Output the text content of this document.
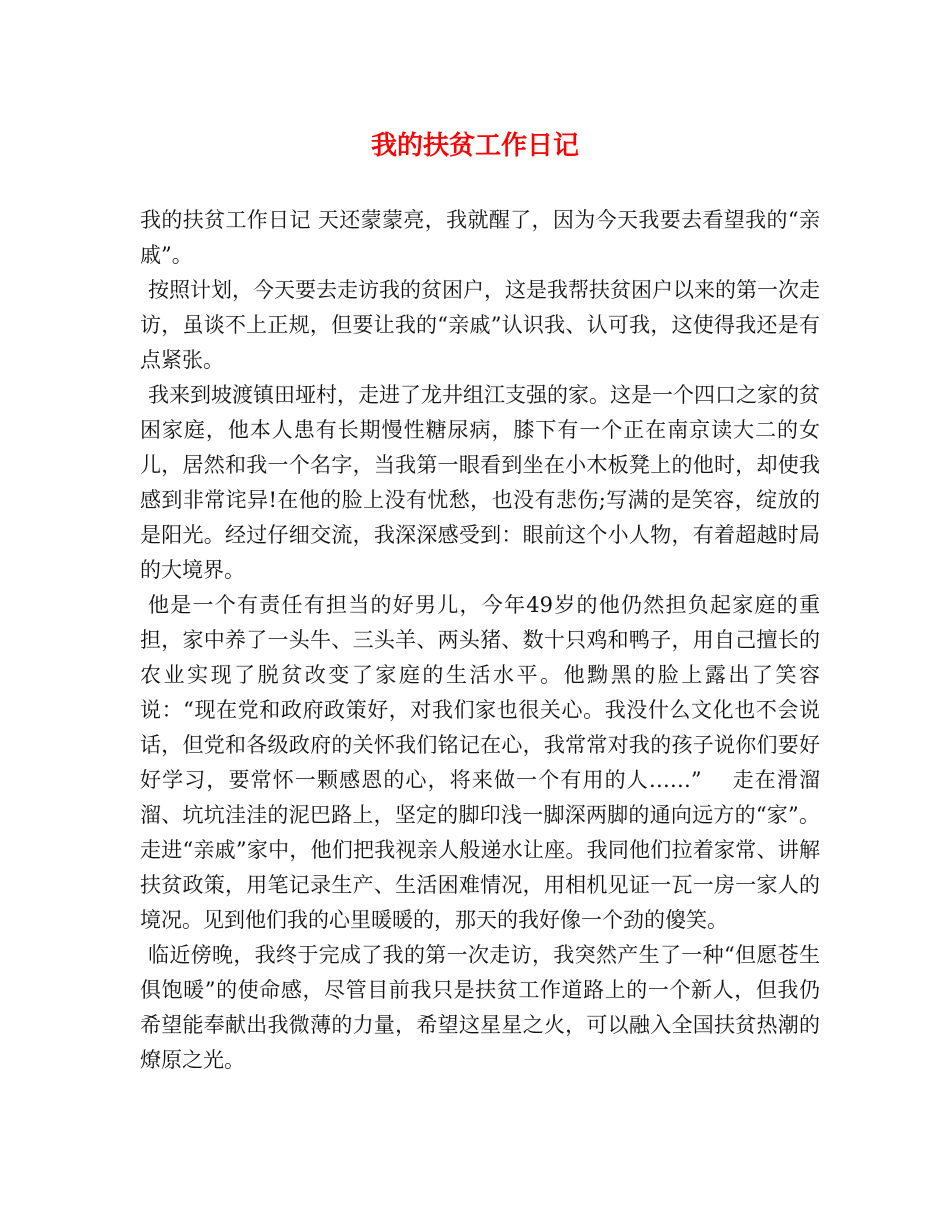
我的扶贫工作日记

我的扶贫工作日记 天还蒙蒙亮，我就醒了，因为今天我要去看望我的“亲戚”。

按照计划，今天要去走访我的贫困户，这是我帮扶贫困户以来的第一次走访，虽谈不上正规，但要让我的“亲戚”认识我、认可我，这使得我还是有点紧张。

我来到坡渡镇田垭村，走进了龙井组江支强的家。这是一个四口之家的贫困家庭，他本人患有长期慢性糖尿病，膝下有一个正在南京读大二的女儿，居然和我一个名字，当我第一眼看到坐在小木板凳上的他时，却使我感到非常诧异!在他的脸上没有忧愁，也没有悲伤;写满的是笑容，绽放的是阳光。经过仔细交流，我深深感受到：眼前这个小人物，有着超越时局的大境界。

他是一个有责任有担当的好男儿，今年49岁的他仍然担负起家庭的重担，家中养了一头牛、三头羊、两头猪、数十只鸡和鸭子，用自己擅长的农业实现了脱贫改变了家庭的生活水平。他黝黑的脸上露出了笑容说：“现在党和政府政策好，对我们家也很关心。我没什么文化也不会说话，但党和各级政府的关怀我们铭记在心，我常常对我的孩子说你们要好好学习，要常怀一颗感恩的心，将来做一个有用的人……”　 走在滑溜溜、坑坑洼洼的泥巴路上，坚定的脚印浅一脚深两脚的通向远方的“家”。走进“亲戚”家中，他们把我视亲人般递水让座。我同他们拉着家常、讲解扶贫政策，用笔记录生产、生活困难情况，用相机见证一瓦一房一家人的境况。见到他们我的心里暖暖的，那天的我好像一个劲的傻笑。

临近傍晚，我终于完成了我的第一次走访，我突然产生了一种“但愿苍生俱饱暖”的使命感，尽管目前我只是扶贫工作道路上的一个新人，但我仍希望能奉献出我微薄的力量，希望这星星之火，可以融入全国扶贫热潮的燎原之光。
